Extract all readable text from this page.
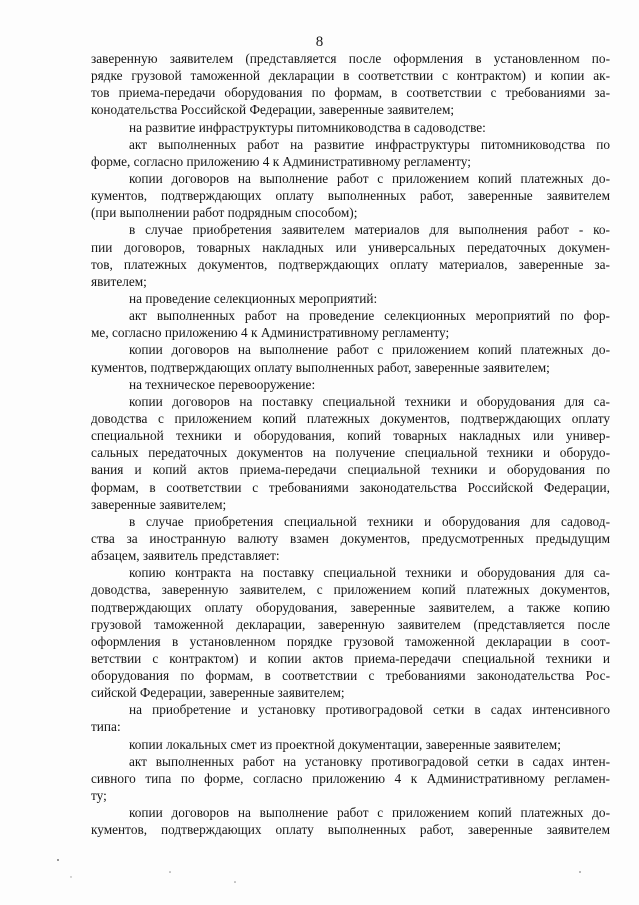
8
заверенную заявителем (представляется после оформления в установленном по-
рядке грузовой таможенной декларации в соответствии с контрактом) и копии ак-
тов приема-передачи оборудования по формам, в соответствии с требованиями за-
конодательства Российской Федерации, заверенные заявителем;
на развитие инфраструктуры питомниководства в садоводстве:
акт выполненных работ на развитие инфраструктуры питомниководства по
форме, согласно приложению 4 к Административному регламенту;
копии договоров на выполнение работ с приложением копий платежных до-
кументов, подтверждающих оплату выполненных работ, заверенные заявителем
(при выполнении работ подрядным способом);
в случае приобретения заявителем материалов для выполнения работ - ко-
пии договоров, товарных накладных или универсальных передаточных докумен-
тов, платежных документов, подтверждающих оплату материалов, заверенные за-
явителем;
на проведение селекционных мероприятий:
акт выполненных работ на проведение селекционных мероприятий по фор-
ме, согласно приложению 4 к Административному регламенту;
копии договоров на выполнение работ с приложением копий платежных до-
кументов, подтверждающих оплату выполненных работ, заверенные заявителем;
на техническое перевооружение:
копии договоров на поставку специальной техники и оборудования для са-
доводства с приложением копий платежных документов, подтверждающих оплату
специальной техники и оборудования, копий товарных накладных или универ-
сальных передаточных документов на получение специальной техники и оборудо-
вания и копий актов приема-передачи специальной техники и оборудования по
формам, в соответствии с требованиями законодательства Российской Федерации,
заверенные заявителем;
в случае приобретения специальной техники и оборудования для садовод-
ства за иностранную валюту взамен документов, предусмотренных предыдущим
абзацем, заявитель представляет:
копию контракта на поставку специальной техники и оборудования для са-
доводства, заверенную заявителем, с приложением копий платежных документов,
подтверждающих оплату оборудования, заверенные заявителем, а также копию
грузовой таможенной декларации, заверенную заявителем (представляется после
оформления в установленном порядке грузовой таможенной декларации в соот-
ветствии с контрактом) и копии актов приема-передачи специальной техники и
оборудования по формам, в соответствии с требованиями законодательства Рос-
сийской Федерации, заверенные заявителем;
на приобретение и установку противоградовой сетки в садах интенсивного
типа:
копии локальных смет из проектной документации, заверенные заявителем;
акт выполненных работ на установку противоградовой сетки в садах интен-
сивного типа по форме, согласно приложению 4 к Административному регламен-
ту;
копии договоров на выполнение работ с приложением копий платежных до-
кументов, подтверждающих оплату выполненных работ, заверенные заявителем
